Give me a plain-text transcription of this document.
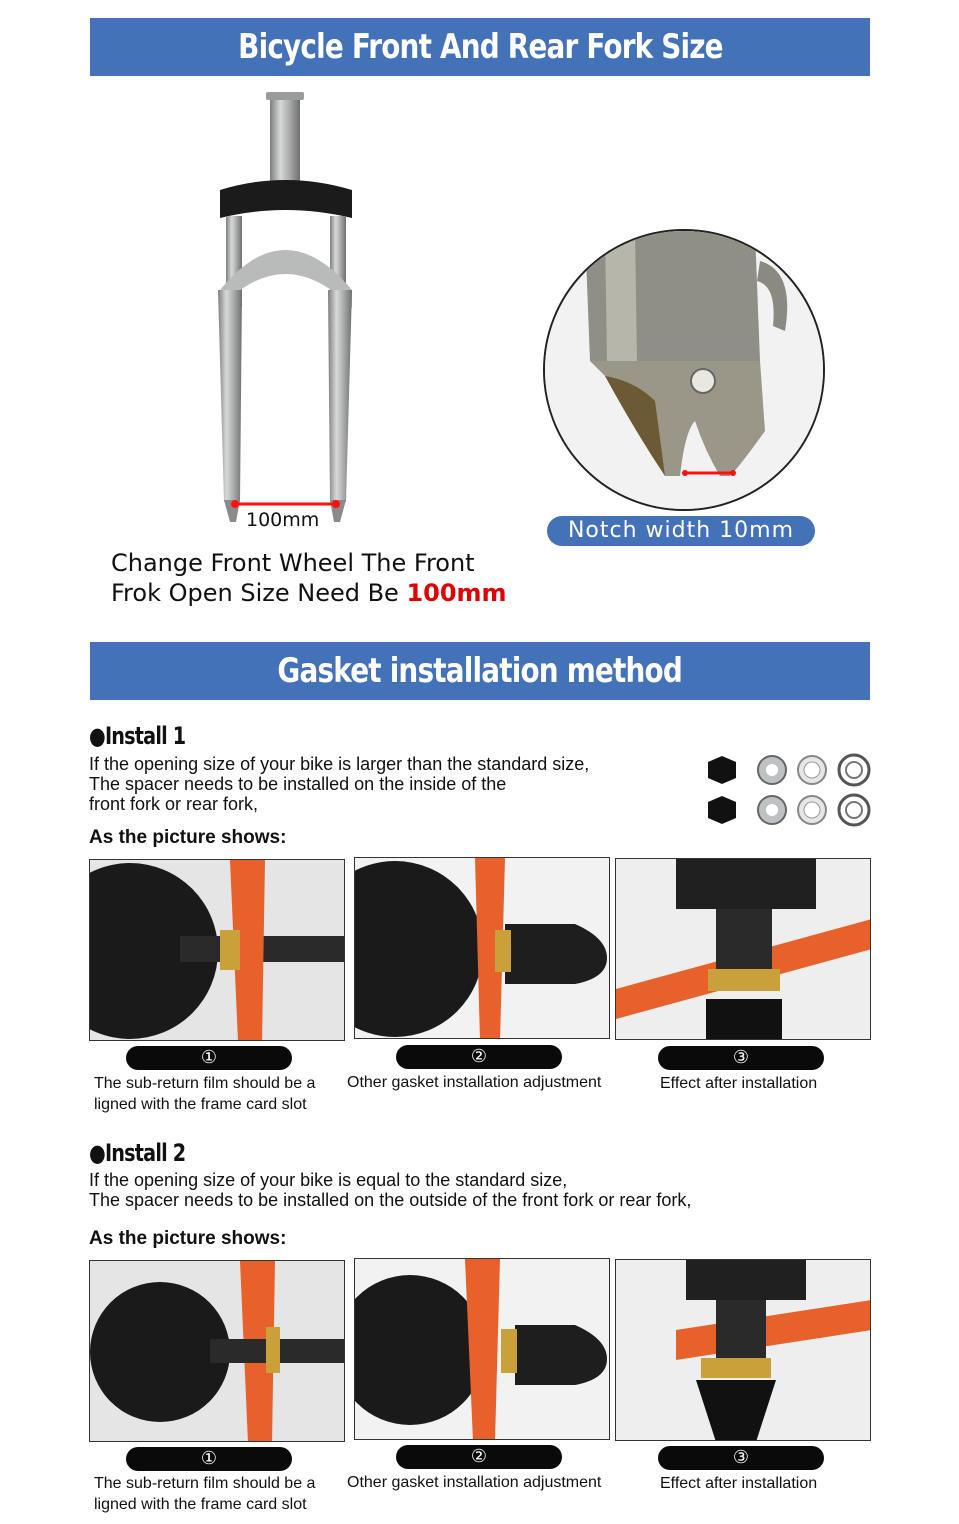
Bicycle Front And Rear Fork Size
100mm
Change Front Wheel The Front
Frok Open Size Need Be 100mm
Notch width 10mm
Gasket installation method
●Install 1
If the opening size of your bike is larger than the standard size,
The spacer needs to be installed on the inside of the
front fork or rear fork,
As the picture shows:
①	②	③
The sub-return film should be a
ligned with the frame card slot
Other gasket installation adjustment	Effect after installation
●Install 2
If the opening size of your bike is equal to the standard size,
The spacer needs to be installed on the outside of the front fork or rear fork,
As the picture shows:
①	②	③
The sub-return film should be a
ligned with the frame card slot
Other gasket installation adjustment	Effect after installation
